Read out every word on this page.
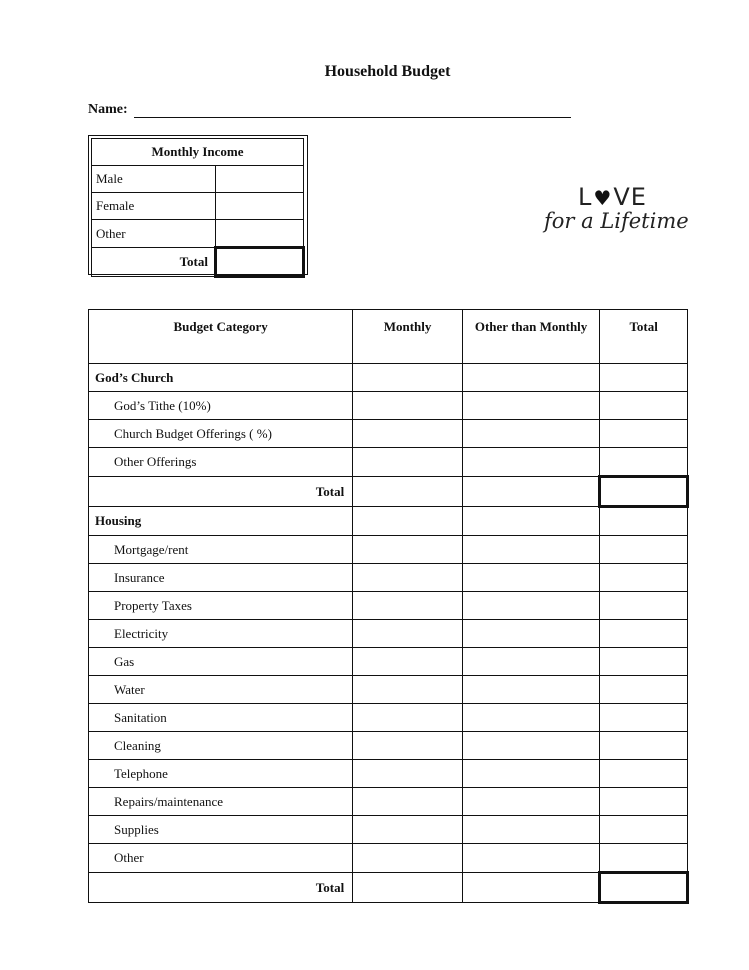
Household Budget
Name:
Monthly Income	
Male	
Female	
Other	
Total	
L♥VE
for a Lifetime
Budget Category	Monthly	Other than Monthly	Total
God’s Church			
God’s Tithe (10%)			
Church Budget Offerings ( %)			
Other Offerings			
Total			
Housing			
Mortgage/rent			
Insurance			
Property Taxes			
Electricity			
Gas			
Water			
Sanitation			
Cleaning			
Telephone			
Repairs/maintenance			
Supplies			
Other			
Total			
